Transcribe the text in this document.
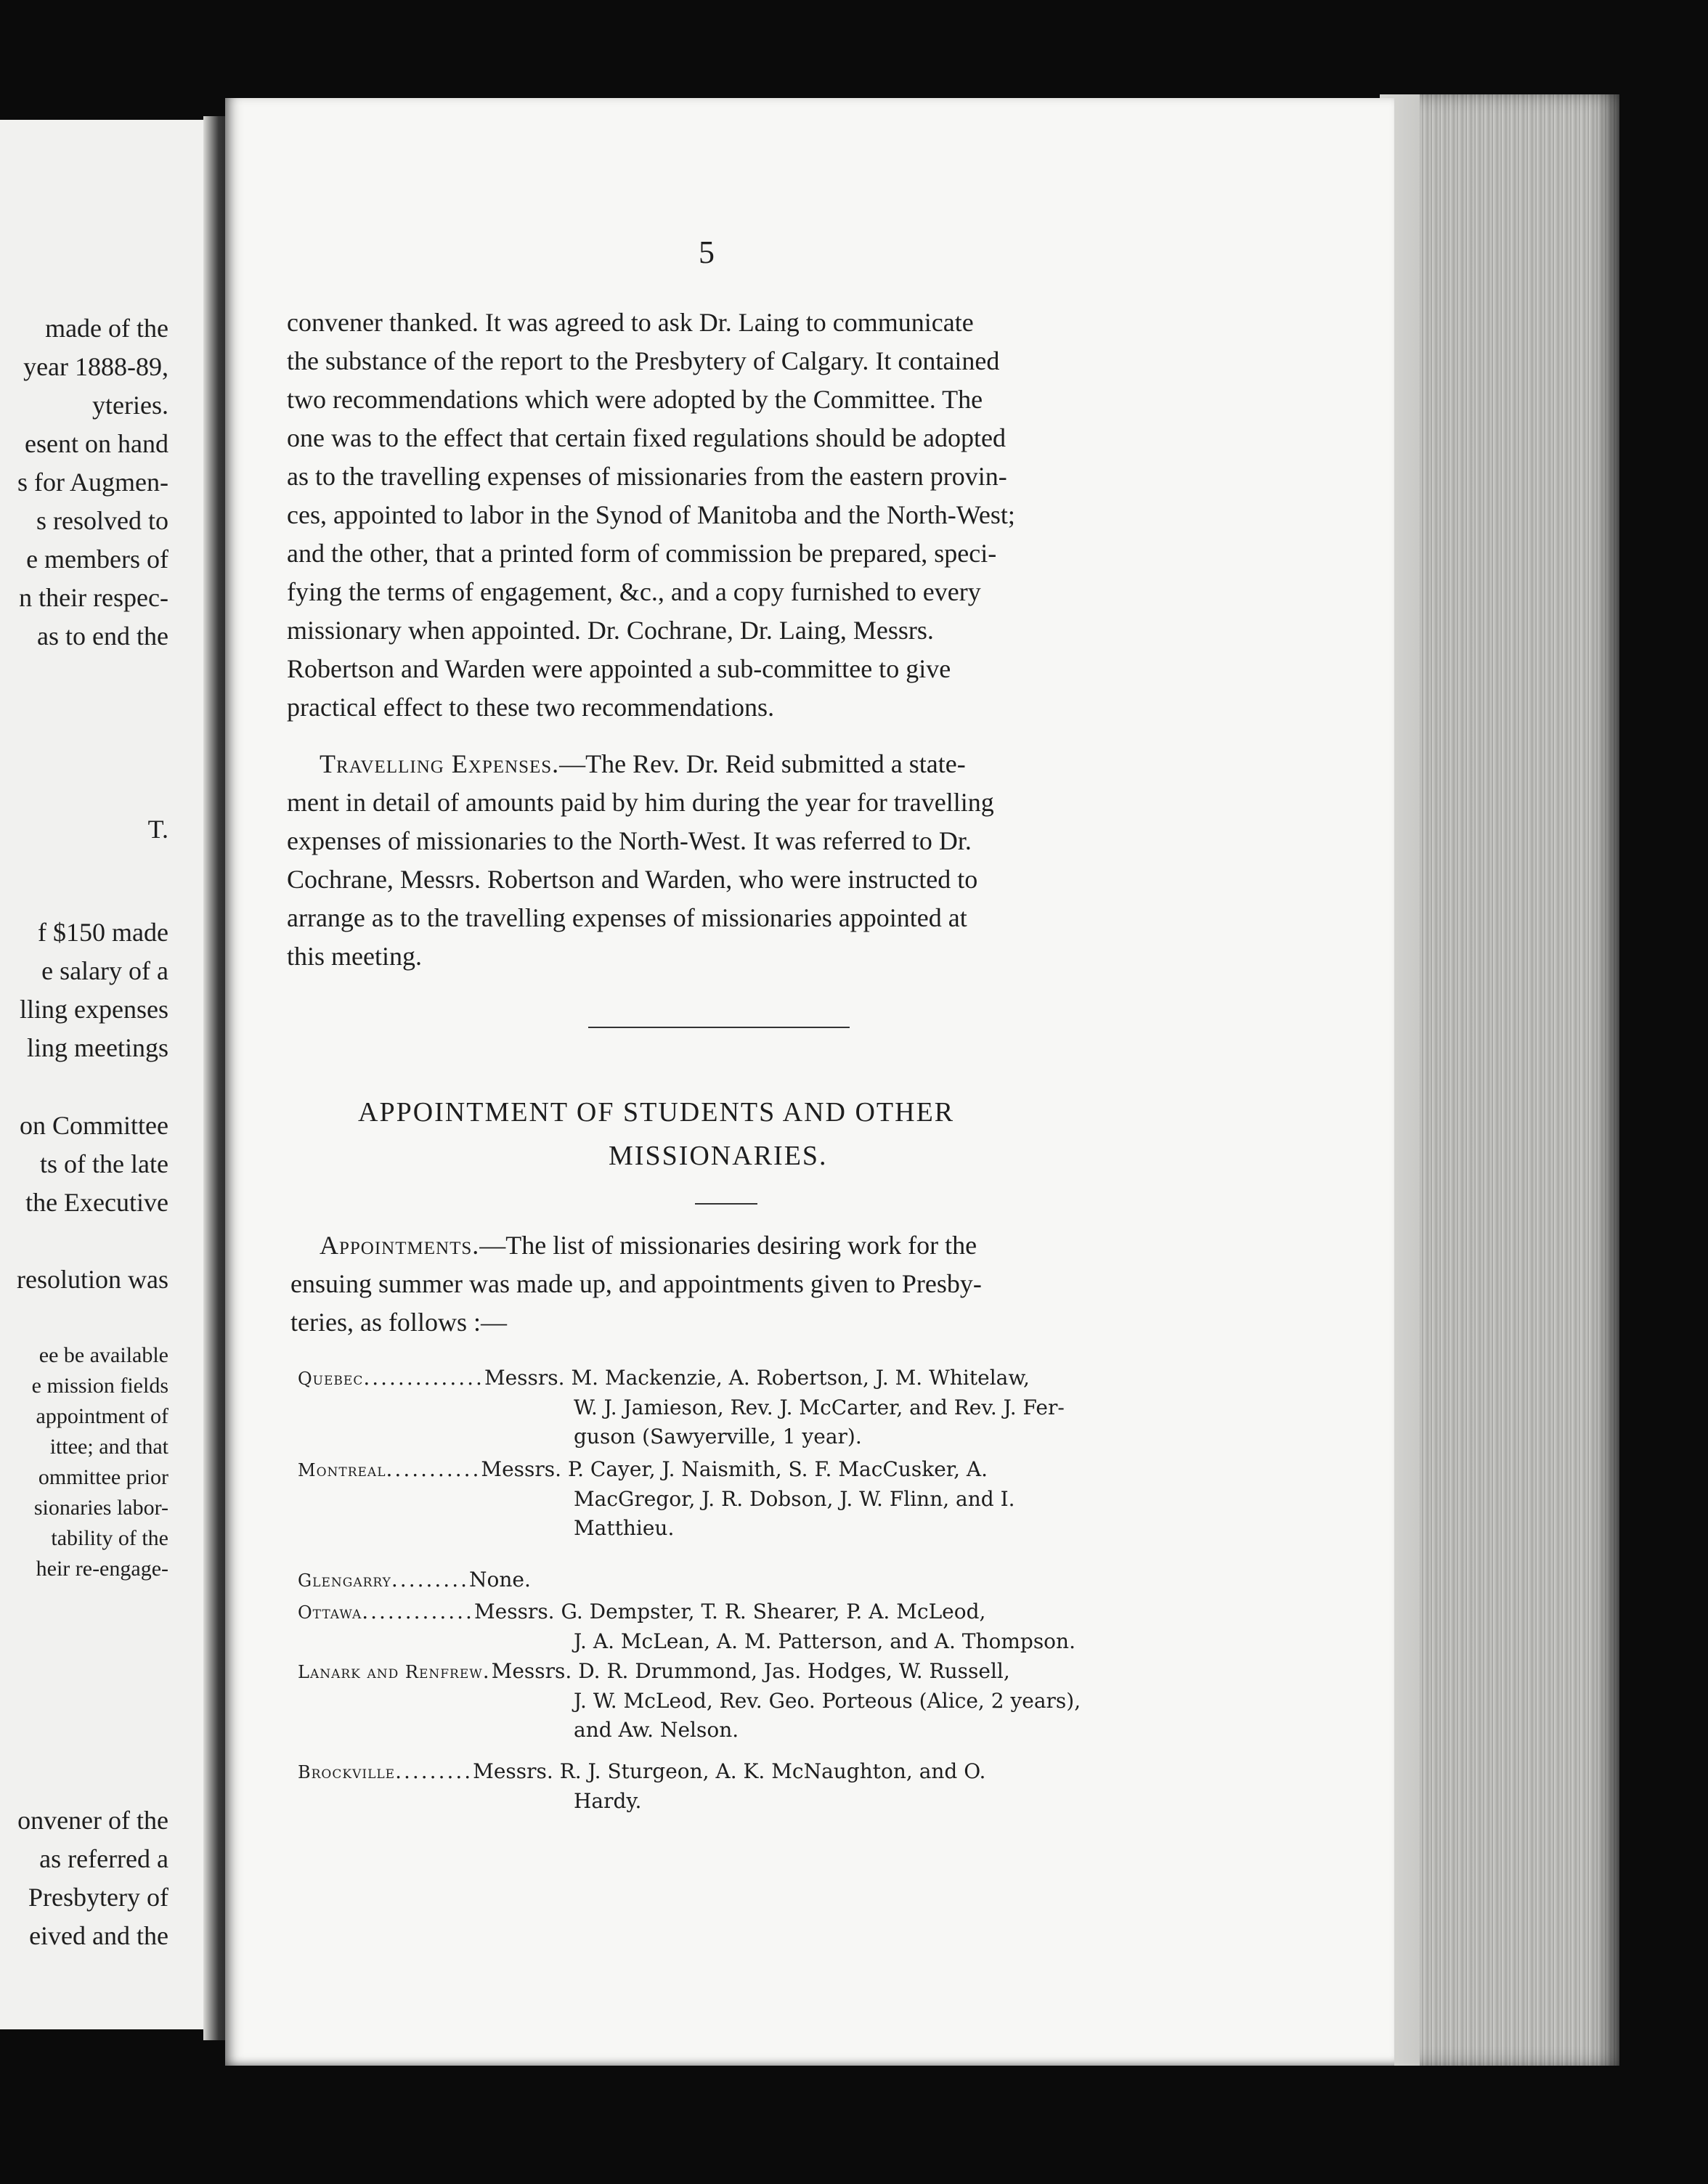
made of the
year 1888-89,
yteries.
esent on hand
s for Augmen-
s resolved to
e members of
n their respec-
as to end the
T.
f $150 made
e salary of a
lling expenses
ling meetings
on Committee
ts of the late
the Executive
resolution was
ee be available
e mission fields
appointment of
ittee; and that
ommittee prior
sionaries labor-
tability of the
heir re-engage-
onvener of the
as referred a
Presbytery of
eived and the
5
convener thanked. It was agreed to ask Dr. Laing to communicate
the substance of the report to the Presbytery of Calgary. It contained
two recommendations which were adopted by the Committee. The
one was to the effect that certain fixed regulations should be adopted
as to the travelling expenses of missionaries from the eastern provin-
ces, appointed to labor in the Synod of Manitoba and the North-West;
and the other, that a printed form of commission be prepared, speci-
fying the terms of engagement, &c., and a copy furnished to every
missionary when appointed. Dr. Cochrane, Dr. Laing, Messrs.
Robertson and Warden were appointed a sub-committee to give
practical effect to these two recommendations.
Travelling Expenses.—The Rev. Dr. Reid submitted a state-
ment in detail of amounts paid by him during the year for travelling
expenses of missionaries to the North-West. It was referred to Dr.
Cochrane, Messrs. Robertson and Warden, who were instructed to
arrange as to the travelling expenses of missionaries appointed at
this meeting.
APPOINTMENT OF STUDENTS AND OTHER
MISSIONARIES.
Appointments.—The list of missionaries desiring work for the
ensuing summer was made up, and appointments given to Presby-
teries, as follows :—
Quebec..............Messrs. M. Mackenzie, A. Robertson, J. M. Whitelaw,
W. J. Jamieson, Rev. J. McCarter, and Rev. J. Fer-
guson (Sawyerville, 1 year).
Montreal...........Messrs. P. Cayer, J. Naismith, S. F. MacCusker, A.
MacGregor, J. R. Dobson, J. W. Flinn, and I.
Matthieu.
Glengarry.........None.
Ottawa.............Messrs. G. Dempster, T. R. Shearer, P. A. McLeod,
J. A. McLean, A. M. Patterson, and A. Thompson.
Lanark and Renfrew.Messrs. D. R. Drummond, Jas. Hodges, W. Russell,
J. W. McLeod, Rev. Geo. Porteous (Alice, 2 years),
and Aw. Nelson.
Brockville.........Messrs. R. J. Sturgeon, A. K. McNaughton, and O.
Hardy.
